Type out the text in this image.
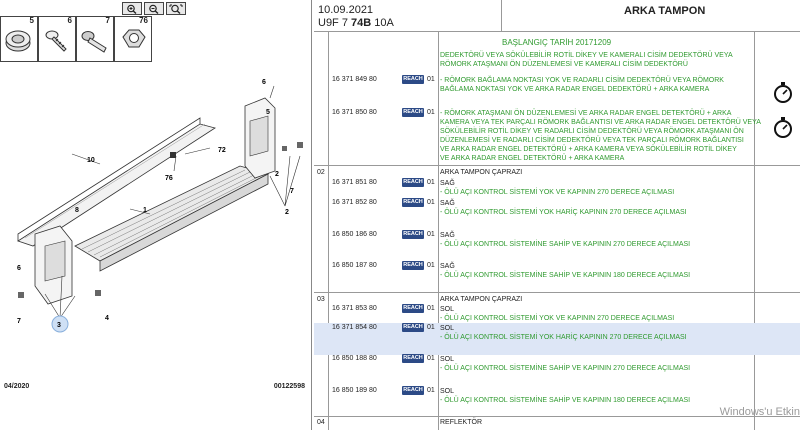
5	6	7	76
10
1
6
5
2
2
72
76
8
6
7	4
7
3
04/2020	00122598
10.09.2021
U9F 7 74B 10A
ARKA TAMPON
BAŞLANGIÇ TARİH 20171209
DEDEKTÖRÜ VEYA SÖKÜLEBİLİR ROTİL DİKEY VE KAMERALI CİSİM DEDEKTÖRÜ VEYA
RÖMORK ATAŞMANI ÖN DÜZENLEMESİ VE KAMERALI CİSİM DEDEKTÖRÜ
16 371 849 80	REACH 01 - RÖMORK BAĞLAMA NOKTASI YOK VE RADARLI CİSİM DEDEKTÖRÜ VEYA RÖMORK
BAĞLAMA NOKTASI YOK VE ARKA RADAR ENGEL DEDEKTÖRÜ + ARKA KAMERA
16 371 850 80	REACH 01 - RÖMORK ATAŞMANI ÖN DÜZENLEMESİ VE ARKA RADAR ENGEL DETEKTÖRÜ + ARKA
KAMERA VEYA TEK PARÇALI RÖMORK BAĞLANTISI VE ARKA RADAR ENGEL DETEKTÖRÜ VEYA
SÖKÜLEBİLİR ROTİL DİKEY VE RADARLI CİSİM DEDEKTÖRÜ VEYA RÖMORK ATAŞMANI ÖN
DÜZENLEMESİ VE RADARLI CİSİM DEDEKTÖRÜ VEYA TEK PARÇALI RÖMORK BAĞLANTISI
VE ARKA RADAR ENGEL DETEKTÖRÜ + ARKA KAMERA VEYA SÖKÜLEBİLİR ROTİL DİKEY
VE ARKA RADAR ENGEL DETEKTÖRÜ + ARKA KAMERA
02	ARKA TAMPON ÇAPRAZI
16 371 851 80	REACH 01 SAĞ
- ÖLÜ AÇI KONTROL SİSTEMİ YOK VE KAPININ 270 DERECE AÇILMASI
16 371 852 80	REACH 01 SAĞ
- ÖLÜ AÇI KONTROL SİSTEMİ YOK HARİÇ KAPININ 270 DERECE AÇILMASI
16 850 186 80	REACH 01 SAĞ
- ÖLÜ AÇI KONTROL SİSTEMİNE SAHİP VE KAPININ 270 DERECE AÇILMASI
16 850 187 80	REACH 01 SAĞ
- ÖLÜ AÇI KONTROL SİSTEMİNE SAHİP VE KAPININ 180 DERECE AÇILMASI
03	ARKA TAMPON ÇAPRAZI
16 371 853 80	REACH 01 SOL
- ÖLÜ AÇI KONTROL SİSTEMİ YOK VE KAPININ 270 DERECE AÇILMASI
16 371 854 80	REACH 01 SOL
- ÖLÜ AÇI KONTROL SİSTEMİ YOK HARİÇ KAPININ 270 DERECE AÇILMASI
16 850 188 80	REACH 01 SOL
- ÖLÜ AÇI KONTROL SİSTEMİNE SAHİP VE KAPININ 270 DERECE AÇILMASI
16 850 189 80	REACH 01 SOL
- ÖLÜ AÇI KONTROL SİSTEMİNE SAHİP VE KAPININ 180 DERECE AÇILMASI
04	REFLEKTÖR
Windows'u Etkin
